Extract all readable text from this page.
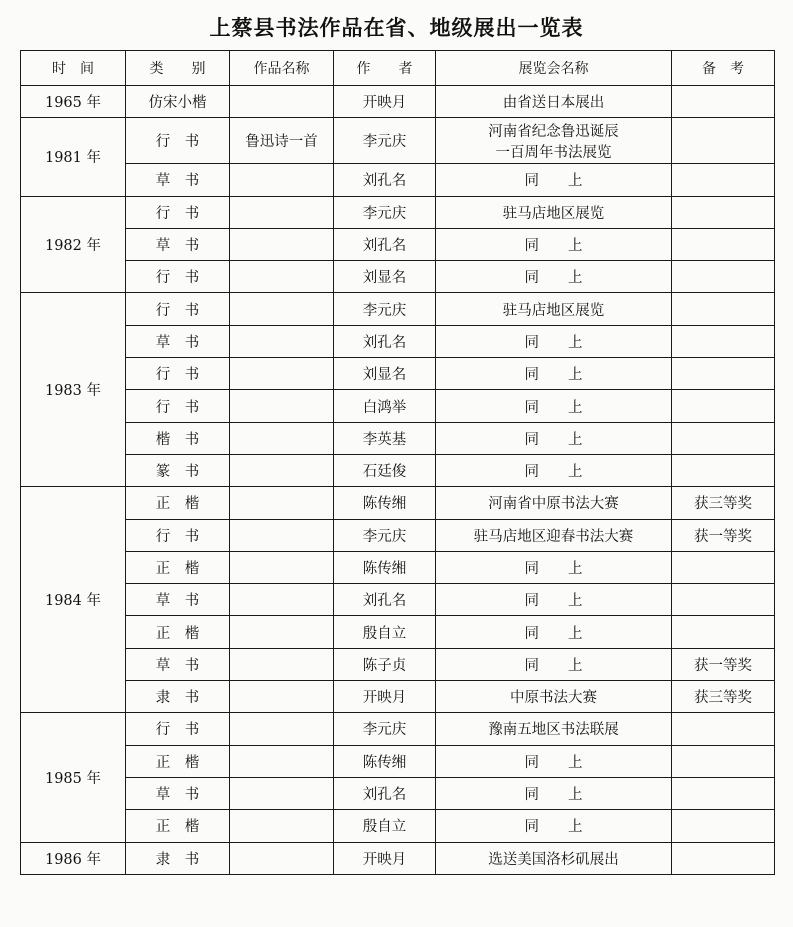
上蔡县书法作品在省、地级展出一览表
时　间	类　　别	作品名称	作　　者	展览会名称	备　考
1965 年	仿宋小楷		开映月	由省送日本展出	
1981 年	行　书	鲁迅诗一首	李元庆	河南省纪念鲁迅诞辰
一百周年书法展览	

	草　书		刘孔名	同　　上	
1982 年	行　书		李元庆	驻马店地区展览	
	草　书		刘孔名	同　　上	
	行　书		刘显名	同　　上	
1983 年	行　书		李元庆	驻马店地区展览	
	草　书		刘孔名	同　　上	
	行　书		刘显名	同　　上	
	行　书		白鸿举	同　　上	
	楷　书		李英基	同　　上	
	篆　书		石廷俊	同　　上	
1984 年	正　楷		陈传缃	河南省中原书法大赛	获三等奖
	行　书		李元庆	驻马店地区迎春书法大赛	获一等奖
	正　楷		陈传缃	同　　上	
	草　书		刘孔名	同　　上	
	正　楷		殷自立	同　　上	
	草　书		陈子贞	同　　上	获一等奖
	隶　书		开映月	中原书法大赛	获三等奖
1985 年	行　书		李元庆	豫南五地区书法联展	
	正　楷		陈传缃	同　　上	
	草　书		刘孔名	同　　上	
	正　楷		殷自立	同　　上	
1986 年	隶　书		开映月	选送美国洛杉矶展出	
